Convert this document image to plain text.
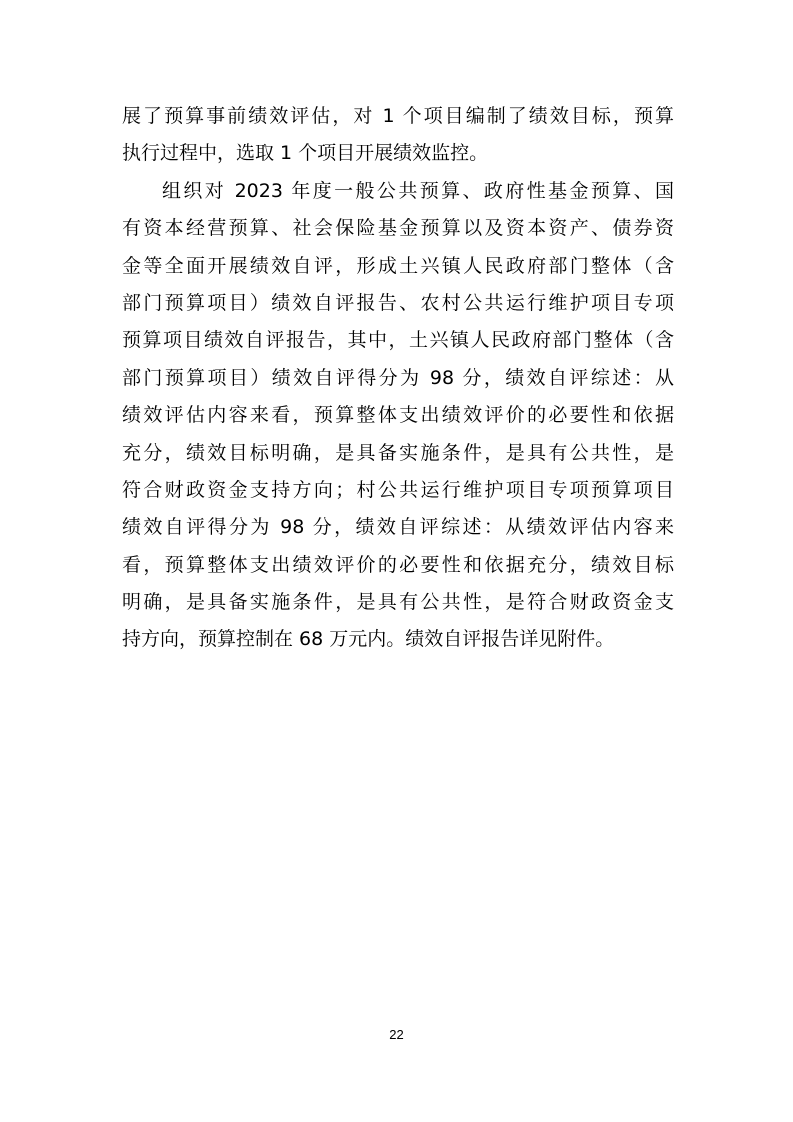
展了预算事前绩效评估，对 1 个项目编制了绩效目标，预算
执行过程中，选取 1 个项目开展绩效监控。
组织对 2023 年度一般公共预算、政府性基金预算、国
有资本经营预算、社会保险基金预算以及资本资产、债券资
金等全面开展绩效自评，形成土兴镇人民政府部门整体（含
部门预算项目）绩效自评报告、农村公共运行维护项目专项
预算项目绩效自评报告，其中，土兴镇人民政府部门整体（含
部门预算项目）绩效自评得分为 98 分，绩效自评综述：从
绩效评估内容来看，预算整体支出绩效评价的必要性和依据
充分，绩效目标明确，是具备实施条件，是具有公共性，是
符合财政资金支持方向；村公共运行维护项目专项预算项目
绩效自评得分为 98 分，绩效自评综述：从绩效评估内容来
看，预算整体支出绩效评价的必要性和依据充分，绩效目标
明确，是具备实施条件，是具有公共性，是符合财政资金支
持方向，预算控制在 68 万元内。绩效自评报告详见附件。
22
